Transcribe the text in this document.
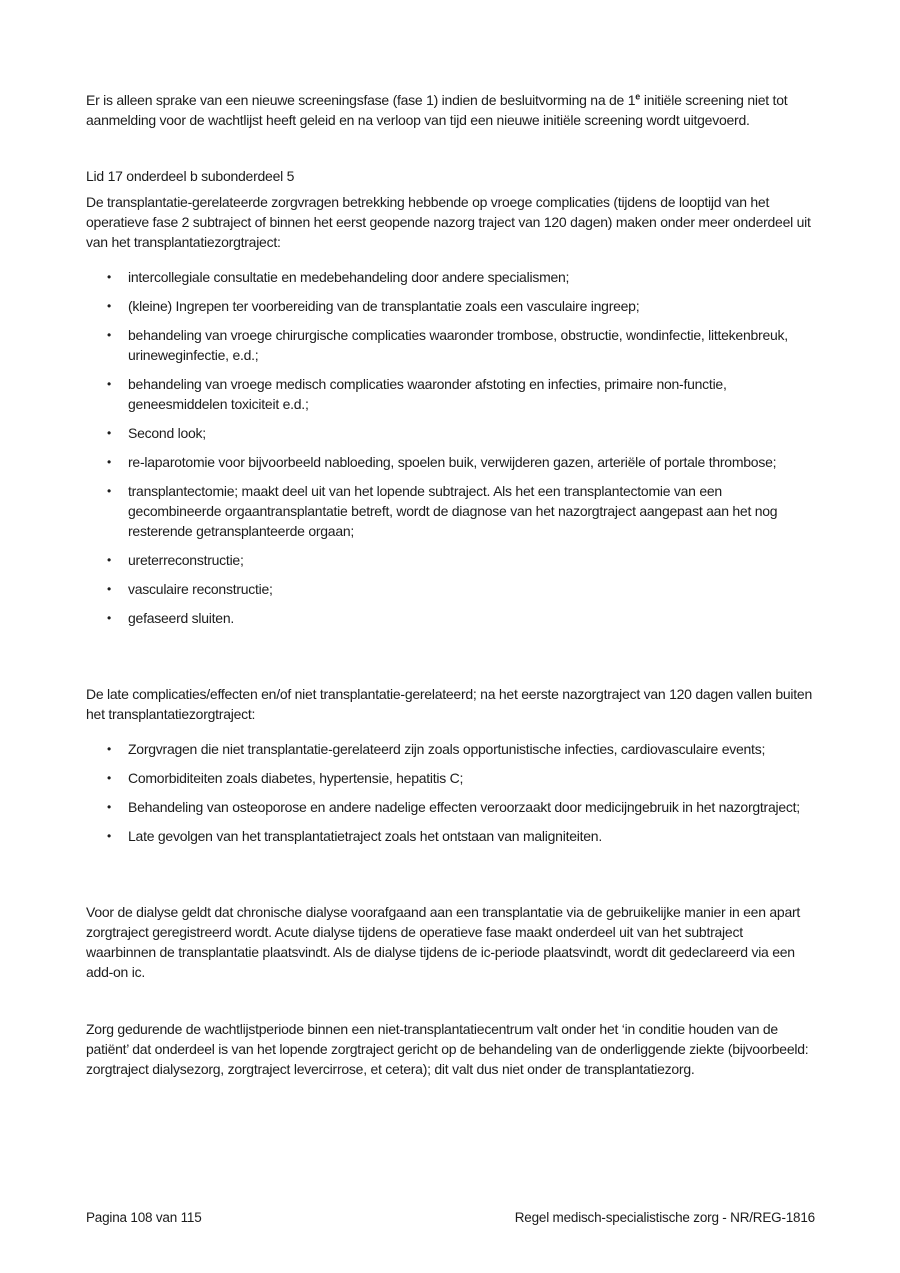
Er is alleen sprake van een nieuwe screeningsfase (fase 1) indien de besluitvorming na de 1e initiële screening niet tot aanmelding voor de wachtlijst heeft geleid en na verloop van tijd een nieuwe initiële screening wordt uitgevoerd.

Lid 17 onderdeel b subonderdeel 5

De transplantatie-gerelateerde zorgvragen betrekking hebbende op vroege complicaties (tijdens de looptijd van het operatieve fase 2 subtraject of binnen het eerst geopende nazorg traject van 120 dagen) maken onder meer onderdeel uit van het transplantatiezorgtraject:

•
intercollegiale consultatie en medebehandeling door andere specialismen;
•
(kleine) Ingrepen ter voorbereiding van de transplantatie zoals een vasculaire ingreep;
•
behandeling van vroege chirurgische complicaties waaronder trombose, obstructie, wondinfectie, littekenbreuk, urineweginfectie, e.d.;
•
behandeling van vroege medisch complicaties waaronder afstoting en infecties, primaire non-functie, geneesmiddelen toxiciteit e.d.;
•
Second look;
•
re-laparotomie voor bijvoorbeeld nabloeding, spoelen buik, verwijderen gazen, arteriële of portale thrombose;
•
transplantectomie; maakt deel uit van het lopende subtraject. Als het een transplantectomie van een gecombineerde orgaantransplantatie betreft, wordt de diagnose van het nazorgtraject aangepast aan het nog resterende getransplanteerde orgaan;
•
ureterreconstructie;
•
vasculaire reconstructie;
•
gefaseerd sluiten.

De late complicaties/effecten en/of niet transplantatie-gerelateerd; na het eerste nazorgtraject van 120 dagen vallen buiten het transplantatiezorgtraject:

•
Zorgvragen die niet transplantatie-gerelateerd zijn zoals opportunistische infecties, cardiovasculaire events;
•
Comorbiditeiten zoals diabetes, hypertensie, hepatitis C;
•
Behandeling van osteoporose en andere nadelige effecten veroorzaakt door medicijngebruik in het nazorgtraject;
•
Late gevolgen van het transplantatietraject zoals het ontstaan van maligniteiten.

Voor de dialyse geldt dat chronische dialyse voorafgaand aan een transplantatie via de gebruikelijke manier in een apart zorgtraject geregistreerd wordt. Acute dialyse tijdens de operatieve fase maakt onderdeel uit van het subtraject waarbinnen de transplantatie plaatsvindt. Als de dialyse tijdens de ic-periode plaatsvindt, wordt dit gedeclareerd via een add-on ic.

Zorg gedurende de wachtlijstperiode binnen een niet-transplantatiecentrum valt onder het ‘in conditie houden van de patiënt’ dat onderdeel is van het lopende zorgtraject gericht op de behandeling van de onderliggende ziekte (bijvoorbeeld: zorgtraject dialysezorg, zorgtraject levercirrose, et cetera); dit valt dus niet onder de transplantatiezorg.

Pagina 108 van 115	Regel medisch-specialistische zorg - NR/REG-1816
